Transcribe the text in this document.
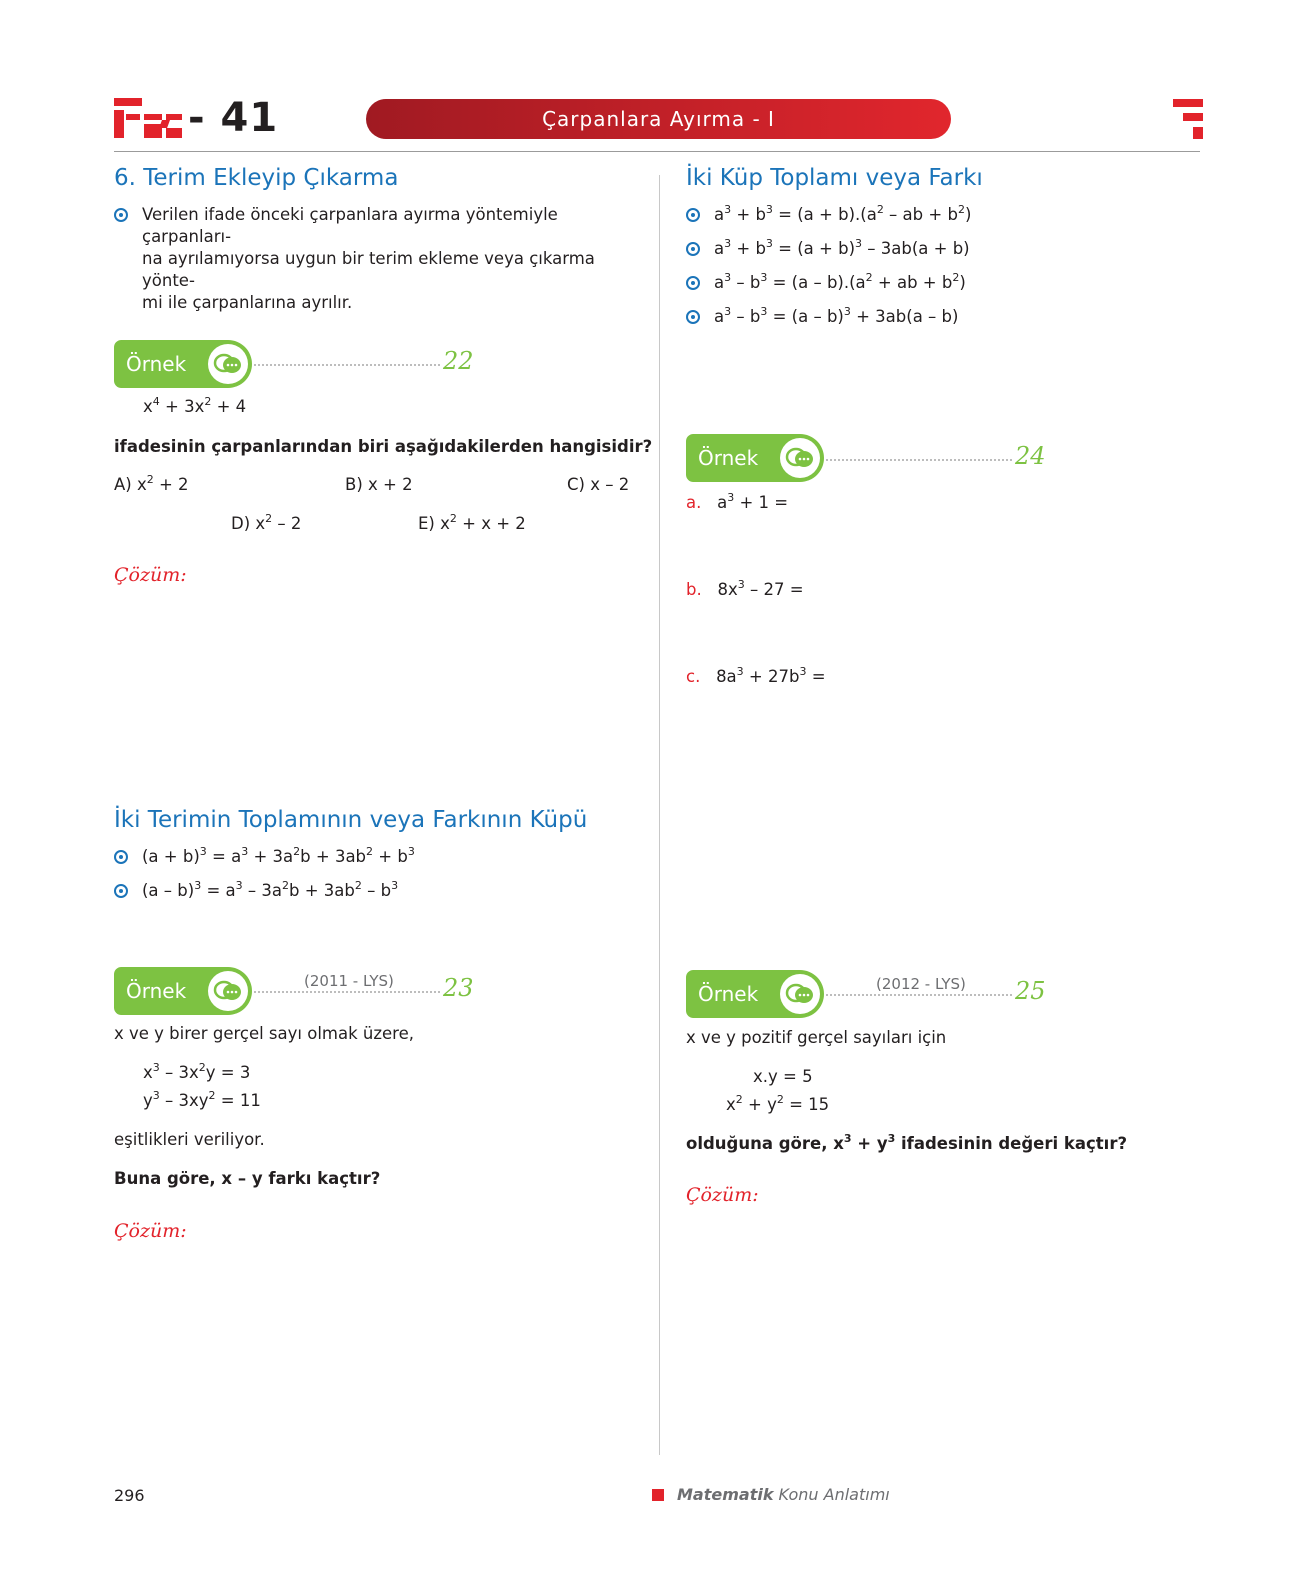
- 41	Çarpanlara Ayırma - I
6. Terim Ekleyip Çıkarma
Verilen ifade önceki çarpanlara ayırma yöntemiyle çarpanları-
na ayrılamıyorsa uygun bir terim ekleme veya çıkarma yönte-
mi ile çarpanlarına ayrılır.
Örnek	22
$x^4 + 3x^2 + 4$
ifadesinin çarpanlarından biri aşağıdakilerden hangisidir?
A) $x^2 + 2$	B) x + 2	C) x – 2
D) $x^2 - 2$	E) $x^2 + x + 2$
Çözüm:
İki Terimin Toplamının veya Farkının Küpü
$(a + b)^3 = a^3 + 3a^2b + 3ab^2 + b^3$
$(a - b)^3 = a^3 - 3a^2b + 3ab^2 - b^3$
Örnek	(2011 - LYS) 23
x ve y birer gerçel sayı olmak üzere,
$x^3 - 3x^2y = 3$
$y^3 - 3xy^2 = 11$
eşitlikleri veriliyor.
Buna göre, x – y farkı kaçtır?
Çözüm:
İki Küp Toplamı veya Farkı
$a^3 + b^3 = (a + b).(a^2$ – ab + $b^2$)
$a^3 + b^3 = (a + b)^3 - 3ab(a + b)$
$a^3 - b^3 = (a - b).(a^2$ + ab + $b^2$)
$a^3 - b^3 = (a - b)^3 + 3ab(a - b)$
Örnek	24
a.   $a^3 + 1$ =
b.   $8x^3 - 27$ =
c.   $8a^3 + 27b^3$ =
Örnek	(2012 - LYS) 25
x ve y pozitif gerçel sayıları için
x.y = 5
$x^2 + y^2 = 15$
olduğuna göre, $x^3 + y^3$ ifadesinin değeri kaçtır?
Çözüm:
296	Matematik Konu Anlatımı
